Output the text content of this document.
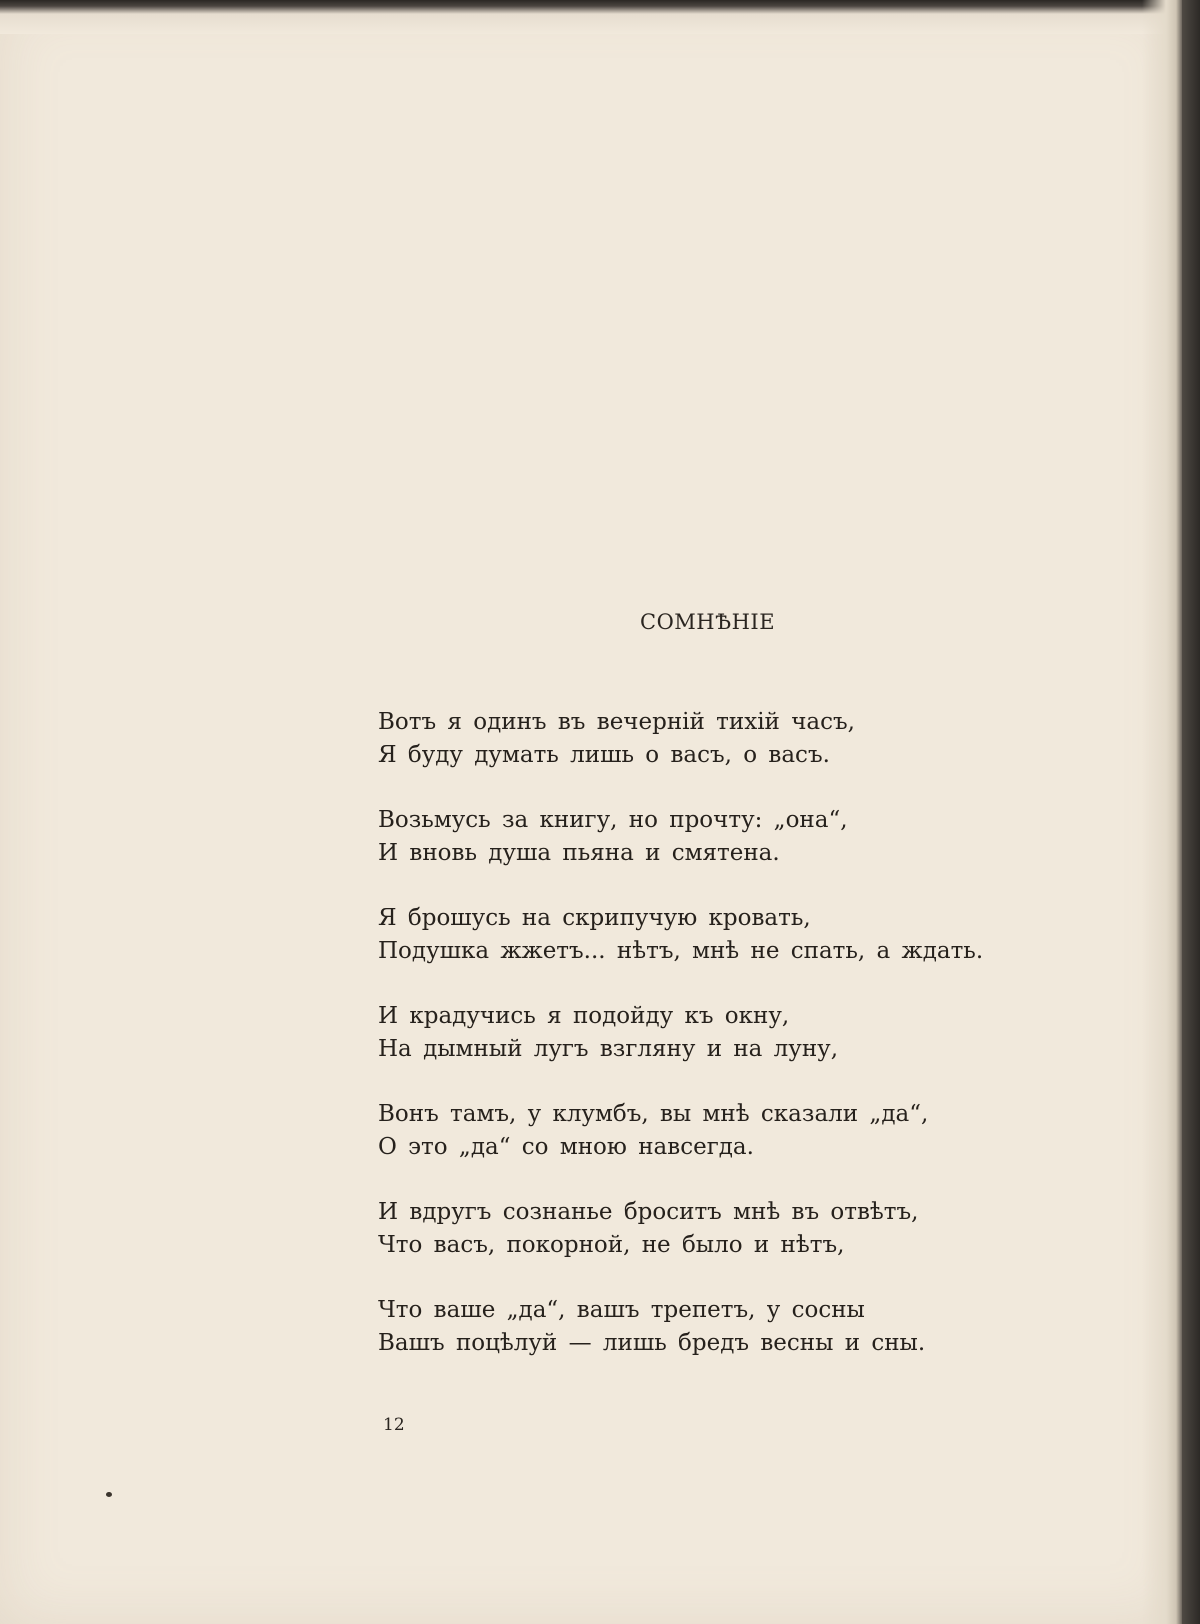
СОМНѢНІЕ
Вотъ я одинъ въ вечерній тихій часъ,
Я буду думать лишь о васъ, о васъ.
Возьмусь за книгу, но прочту: „она“,
И вновь душа пьяна и смятена.
Я брошусь на скрипучую кровать,
Подушка жжетъ... нѣтъ, мнѣ не спать, а ждать.
И крадучись я подойду къ окну,
На дымный лугъ взгляну и на луну,
Вонъ тамъ, у клумбъ, вы мнѣ сказали „да“,
О это „да“ со мною навсегда.
И вдругъ сознанье броситъ мнѣ въ отвѣтъ,
Что васъ, покорной, не было и нѣтъ,
Что ваше „да“, вашъ трепетъ, у сосны
Вашъ поцѣлуй — лишь бредъ весны и сны.
12
